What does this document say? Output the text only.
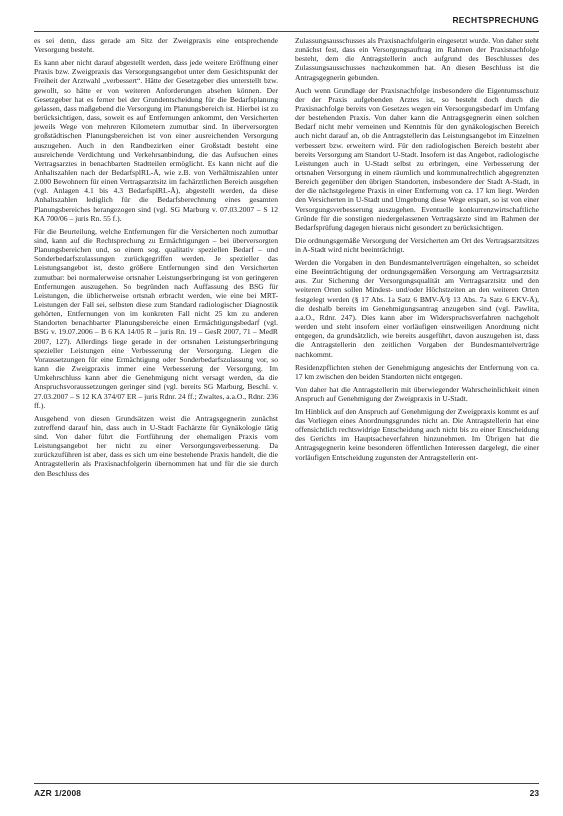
RECHTSPRECHUNG

es sei denn, dass gerade am Sitz der Zweigpraxis eine entsprechende Versorgung besteht.

Es kann aber nicht darauf abgestellt werden, dass jede weitere Eröffnung einer Praxis bzw. Zweigpraxis das Versorgungsangebot unter dem Gesichtspunkt der Freiheit der Arztwahl „verbessert“. Hätte der Gesetzgeber dies unterstellt bzw. gewollt, so hätte er von weiteren Anforderungen absehen können. Der Gesetzgeber hat es ferner bei der Grundentscheidung für die Bedarfsplanung gelassen, dass maßgebend die Versorgung im Planungsbereich ist. Hierbei ist zu berücksichtigen, dass, soweit es auf Entfernungen ankommt, den Versicherten jeweils Wege von mehreren Kilometern zumutbar sind. In überversorgten großstädtischen Planungsbereichen ist von einer ausreichenden Versorgung auszugehen. Auch in den Randbezirken einer Großstadt besteht eine ausreichende Verdichtung und Verkehrsanbindung, die das Aufsuchen eines Vertragsarztes in benachbarten Stadtteilen ermöglicht. Es kann nicht auf die Anhaltszahlen nach der BedarfsplRL-Ä, wie z.B. von Verhältniszahlen unter 2.000 Bewohnern für einen Vertragsarztsitz im fachärztlichen Bereich ausgehen (vgl. Anlagen 4.1 bis 4.3 BedarfsplRL-Ä), abgestellt werden, da diese Anhaltszahlen lediglich für die Bedarfsberechnung eines gesamten Planungsbereiches herangezogen sind (vgl. SG Marburg v. 07.03.2007 – S 12 KA 700/06 – juris Rn. 55 f.).

Für die Beurteilung, welche Entfernungen für die Versicherten noch zumutbar sind, kann auf die Rechtsprechung zu Ermächtigungen – bei überversorgten Planungsbereichen und, so einem sog. qualitativ speziellen Bedarf – und Sonderbedarfszulassungen zurückgegriffen werden. Je spezieller das Leistungsangebot ist, desto größere Entfernungen sind den Versicherten zumutbar: bei normalerweise ortsnaher Leistungserbringung ist von geringeren Entfernungen auszugehen. So begründen nach Auffassung des BSG für Leistungen, die üblicherweise ortsnah erbracht werden, wie eine bei MRT-Leistungen der Fall sei, selbsten diese zum Standard radiologischer Diagnostik gehörten, Entfernungen von im konkreten Fall nicht 25 km zu anderen Standorten benachbarter Planungsbereiche einen Ermächtigungsbedarf (vgl. BSG v. 19.07.2006 – B 6 KA 14/05 R – juris Rn. 19 – GesR 2007, 71 – MedR 2007, 127). Allerdings liege gerade in der ortsnahen Leistungserbringung spezieller Leistungen eine Verbesserung der Versorgung. Liegen die Voraussetzungen für eine Ermächtigung oder Sonderbedarfszulassung vor, so kann die Zweigpraxis immer eine Verbesserung der Versorgung. Im Umkehrschluss kann aber die Genehmigung nicht versagt werden, da die Anspruchsvoraussetzungen geringer sind (vgl. bereits SG Marburg, Beschl. v. 27.03.2007 – S 12 KA 374/07 ER – juris Rdnr. 24 ff.; Zwaltes, a.a.O., Rdnr. 236 ff.).

Ausgehend von diesen Grundsätzen weist die Antragsgegnerin zunächst zutreffend darauf hin, dass auch in U-Stadt Fachärzte für Gynäkologie tätig sind. Von daher führt die Fortführung der ehemaligen Praxis vom Leistungsangebot her nicht zu einer Versorgungsverbesserung. Da zurückzuführen ist aber, dass es sich um eine bestehende Praxis handelt, die die Antragstellerin als Praxisnachfolgerin übernommen hat und für die sie durch den Beschluss des

Zulassungsausschusses als Praxisnachfolgerin eingesetzt wurde. Von daher steht zunächst fest, dass ein Versorgungsauftrag im Rahmen der Praxisnachfolge besteht, dem die Antragstellerin auch aufgrund des Beschlusses des Zulassungsausschusses nachzukommen hat. An diesen Beschluss ist die Antragsgegnerin gebunden.

Auch wenn Grundlage der Praxisnachfolge insbesondere die Eigentumsschutz der der Praxis aufgebenden Arztes ist, so besteht doch durch die Praxisnachfolge bereits von Gesetzes wegen ein Versorgungsbedarf im Umfang der bestehenden Praxis. Von daher kann die Antragsgegnerin einen solchen Bedarf nicht mehr verneinen und Kenntnis für den gynäkologischen Bereich auch nicht darauf an, ob die Antragstellerin das Leistungsangebot im Einzelnen verbessert bzw. erweitern wird. Für den radiologischen Bereich besteht aber bereits Versorgung am Standort U-Stadt. Insofern ist das Angebot, radiologische Leistungen auch in U-Stadt selbst zu erbringen, eine Verbesserung der ortsnahen Versorgung in einem räumlich und kommunalrechtlich abgegrenzten Bereich gegenüber den übrigen Standorten, insbesondere der Stadt A-Stadt, in der die nächstgelegene Praxis in einer Entfernung von ca. 17 km liegt. Werden den Versicherten in U-Stadt und Umgebung diese Wege erspart, so ist von einer Versorgungsverbesserung auszugehen. Eventuelle konkurrenzwirtschaftliche Gründe für die sonstigen niedergelassenen Vertragsärzte sind im Rahmen der Bedarfsprüfung dagegen hieraus nicht gesondert zu berücksichtigen.

Die ordnungsgemäße Versorgung der Versicherten am Ort des Vertragsarztsitzes in A-Stadt wird nicht beeinträchtigt.

Werden die Vorgaben in den Bundesmantelverträgen eingehalten, so scheidet eine Beeinträchtigung der ordnungsgemäßen Versorgung am Vertragsarztsitz aus. Zur Sicherung der Versorgungsqualität am Vertragsarztsitz und den weiteren Orten sollen Mindest- und/oder Höchstzeiten an den weiteren Orten festgelegt werden (§ 17 Abs. 1a Satz 6 BMV-Ä/§ 13 Abs. 7a Satz 6 EKV-Ä), die deshalb bereits im Genehmigungsantrag anzugeben sind (vgl. Pawlita, a.a.O., Rdnr. 247). Dies kann aber im Widerspruchsverfahren nachgeholt werden und steht insofern einer vorläufigen einstweiligen Anordnung nicht entgegen, da grundsätzlich, wie bereits ausgeführt, davon auszugehen ist, dass die Antragstellerin den zeitlichen Vorgaben der Bundesmantelverträge nachkommt.

Residenzpflichten stehen der Genehmigung angesichts der Entfernung von ca. 17 km zwischen den beiden Standorten nicht entgegen.

Von daher hat die Antragstellerin mit überwiegender Wahrscheinlichkeit einen Anspruch auf Genehmigung der Zweigpraxis in U-Stadt.

Im Hinblick auf den Anspruch auf Genehmigung der Zweigpraxis kommt es auf das Vorliegen eines Anordnungsgrundes nicht an. Die Antragstellerin hat eine offensichtlich rechtswidrige Entscheidung auch nicht bis zu einer Entscheidung des Gerichts im Hauptsacheverfahren hinzunehmen. Im Übrigen hat die Antragsgegnerin keine besonderen öffentlichen Interessen dargelegt, die einer vorläufigen Entscheidung zugunsten der Antragstellerin ent-

AZR 1/2008	23
